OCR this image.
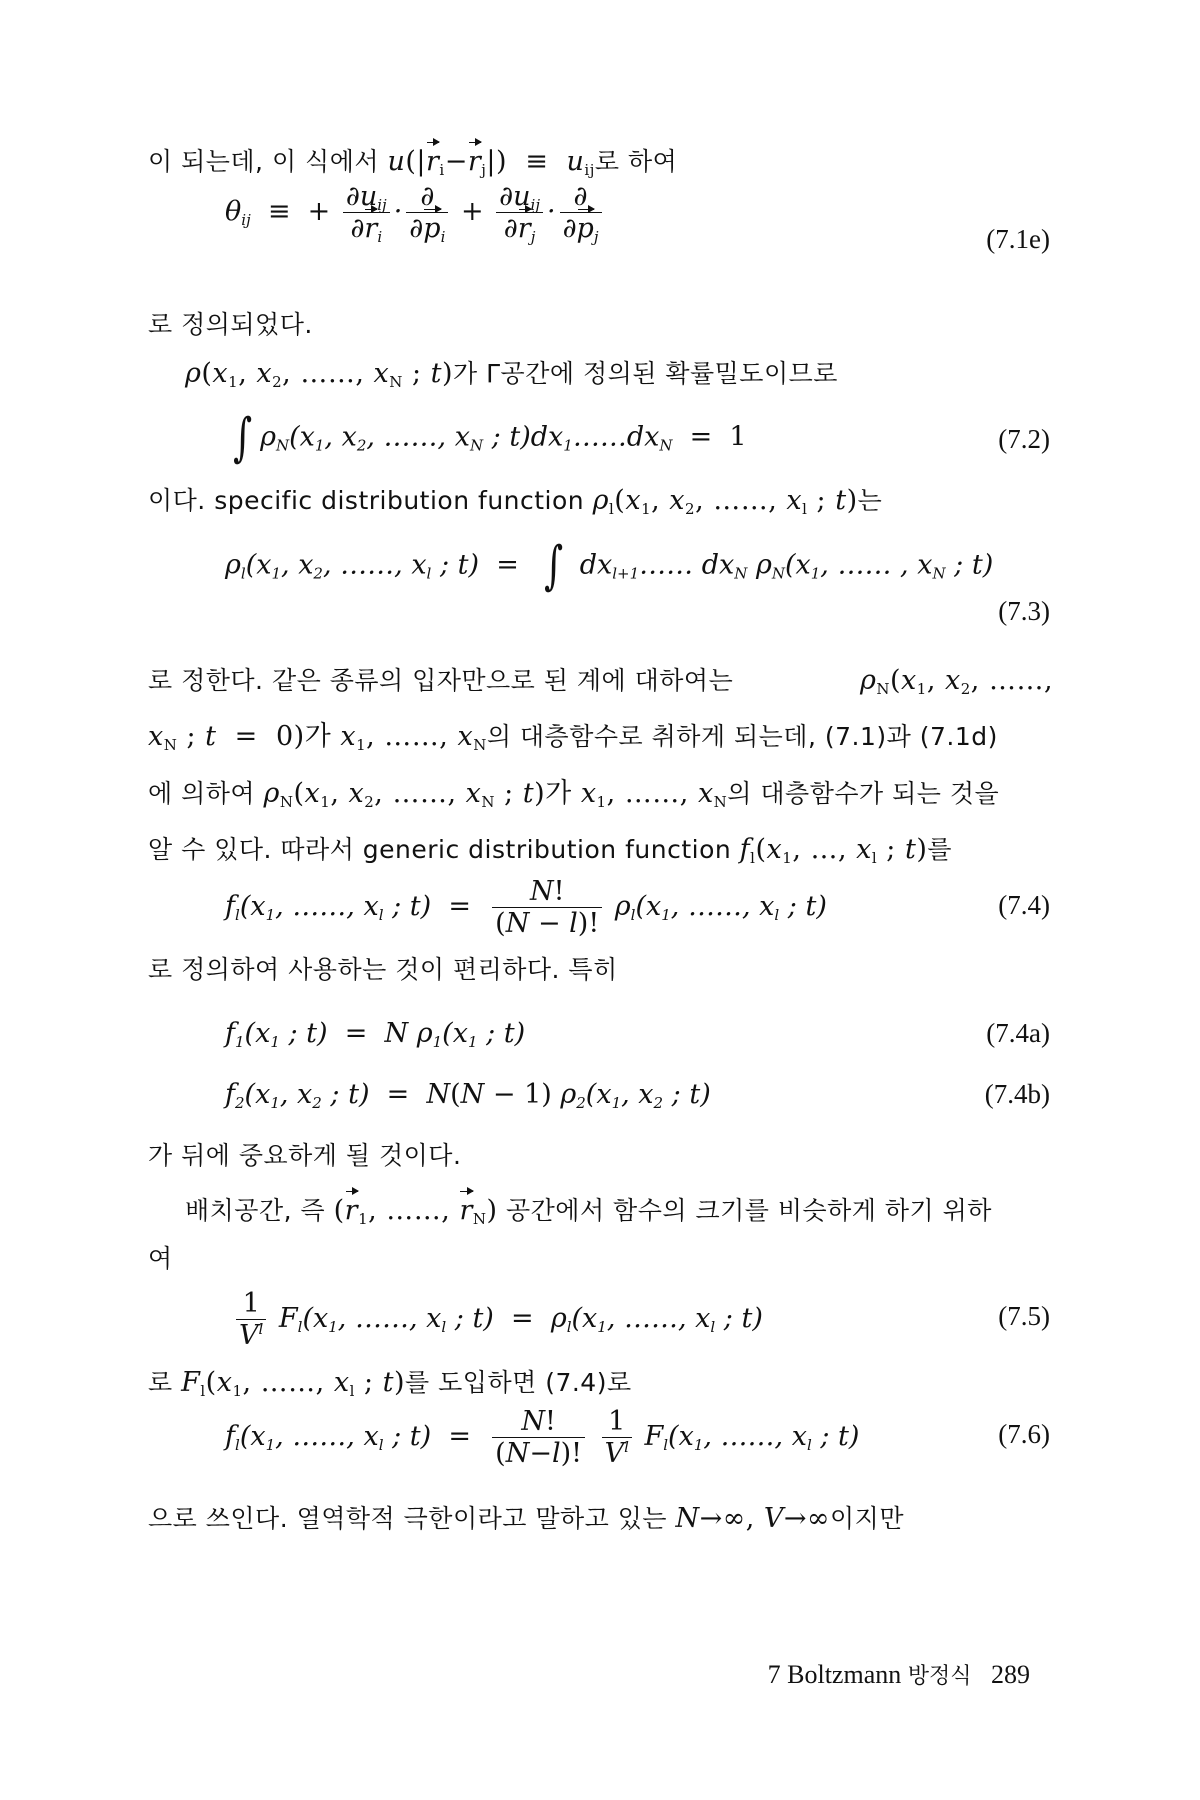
이 되는데, 이 식에서 $u(|r_i-r_j|) \equiv u_{ij}$로 하여
$\theta_{ij}$  ≡  + $\frac{\partial u_{ij}}{\partial r_i} \cdot \frac{\partial}{\partial p_i} + \frac{\partial u_{ij}}{\partial r_j} \cdot \frac{\partial}{\partial p_j}$	(7.1e)
로 정의되었다.
$\rho(x_1$, $x_2$, ……, $x_N$ ; t)가 Γ공간에 정의된 확률밀도이므로
∫ $\rho_N(x_1$, $x_2$, ……, $x_N$ ; $t)dx_1\dots\dots dx_N = 1$	(7.2)
이다. specific distribution function $\rho_l(x_1$, $x_2$, ……, $x_l$ ; t)는
$\rho_l(x_1$, $x_2$, ……, $x_l$ ; t)  =  ∫ $dx_{l+1}\dots\dots$ $dx_N$ $\rho_N(x_1$, …… , $x_N$ ; t)
(7.3)
로 정한다. 같은 종류의 입자만으로 된 계에 대하여는	$\rho_N(x_1$, $x_2$, ……,
$x_N$ ; t  =  0)가 $x_1$, ……, $x_N$의 대층함수로 취하게 되는데, (7.1)과 (7.1d)
에 의하여 $\rho_N(x_1$, $x_2$, ……, $x_N$ ; t)가 $x_1$, ……, $x_N$의 대층함수가 되는 것을
알 수 있다. 따라서 generic distribution function $f_l(x_1$, …, $x_l$ ; t)를
$f_l(x_1$, ……, $x_l$ ; $t) = \frac{N!}{(N - l)!} \rho_l(x_1$, ……, $x_l$ ; t)	(7.4)
로 정의하여 사용하는 것이 편리하다. 특히
$f_1(x_1$ ; t)  =  N $\rho_1(x_1$ ; t)	(7.4a)
$f_2(x_1$, $x_2$ ; t)  =  N(N − 1) $\rho_2(x_1$, $x_2$ ; t)	(7.4b)
가 뒤에 중요하게 될 것이다.
배치공간, 즉 ($r_1$, ……, $r_N$) 공간에서 함수의 크기를 비슷하게 하기 위하
여
$\frac{1}{V^l} F_l(x_1$, ……, $x_l$ ; $t) = \rho_l(x_1$, ……, $x_l$ ; t)	(7.5)
로 $F_l(x_1$, ……, $x_l$ ; t)를 도입하면 (7.4)로
$f_l(x_1$, ……, $x_l$ ; $t) = \frac{N!}{(N-l)!}$
$\frac{1}{V^l} F_l(x_1$, ……, $x_l$ ; t)	(7.6)
으로 쓰인다. 열역학적 극한이라고 말하고 있는 N→∞, V→∞이지만
7 Boltzmann 방정식 289
